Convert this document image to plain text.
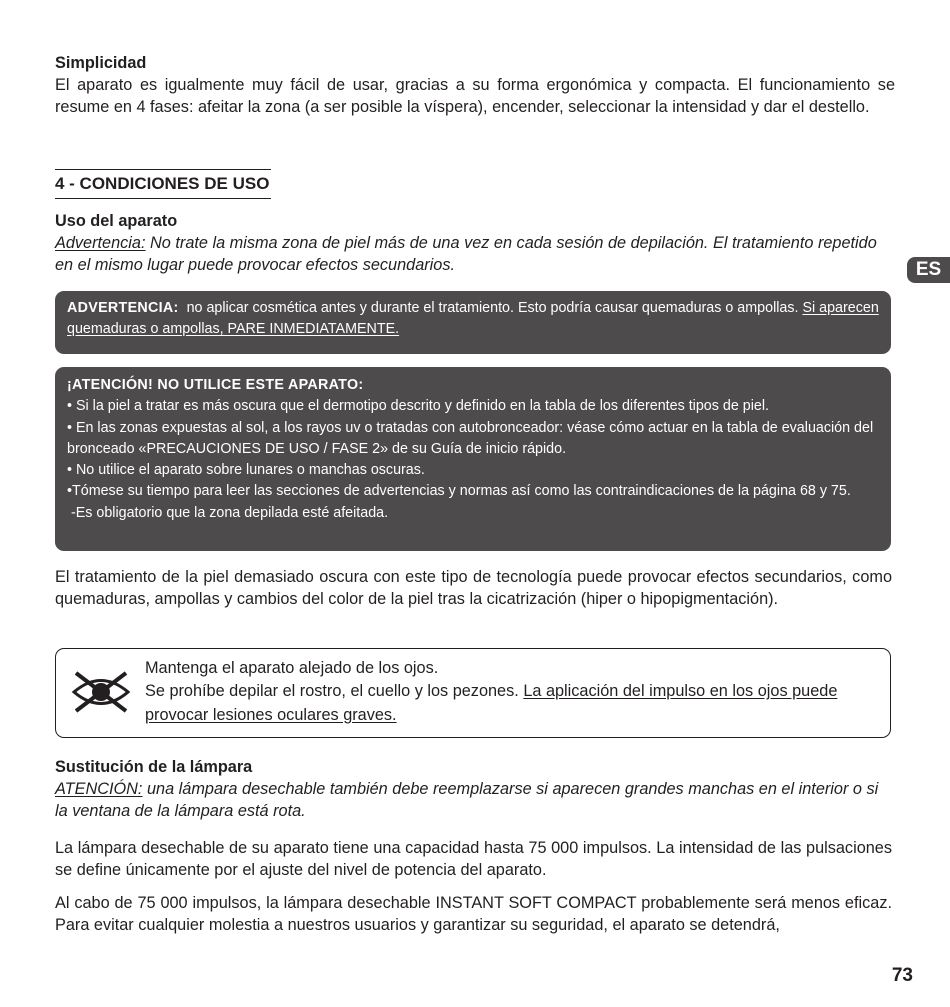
Simplicidad

El aparato es igualmente muy fácil de usar, gracias a su forma ergonómica y compacta. El funcionamiento se resume en 4 fases: afeitar la zona (a ser posible la víspera), encender, seleccionar la intensidad y dar el destello.

4 - CONDICIONES DE USO

Uso del aparato

Advertencia: No trate la misma zona de piel más de una vez en cada sesión de depilación. El tratamiento repetido en el mismo lugar puede provocar efectos secundarios.

ADVERTENCIA:  no aplicar cosmética antes y durante el tratamiento. Esto podría causar quemaduras o ampollas. Si aparecen quemaduras o ampollas, PARE INMEDIATAMENTE.

¡ATENCIÓN! NO UTILICE ESTE APARATO:

• Si la piel a tratar es más oscura que el dermotipo descrito y definido en la tabla de los diferentes tipos de piel.

• En las zonas expuestas al sol, a los rayos uv o tratadas con autobronceador: véase cómo actuar en la tabla de evaluación del bronceado «PRECAUCIONES DE USO / FASE 2» de su Guía de inicio rápido.

• No utilice el aparato sobre lunares o manchas oscuras.

•Tómese su tiempo para leer las secciones de advertencias y normas así como las contraindicaciones de la página 68 y 75.

-Es obligatorio que la zona depilada esté afeitada.

El tratamiento de la piel demasiado oscura con este tipo de tecnología puede provocar efectos secundarios, como quemaduras, ampollas y cambios del color de la piel tras la cicatrización (hiper o hipopigmentación).

Mantenga el aparato alejado de los ojos.
Se prohíbe depilar el rostro, el cuello y los pezones. La aplicación del impulso en los ojos puede provocar lesiones oculares graves.

Sustitución de la lámpara

ATENCIÓN: una lámpara desechable también debe reemplazarse si aparecen grandes manchas en el interior o si la ventana de la lámpara está rota.

La lámpara desechable de su aparato tiene una capacidad hasta 75 000 impulsos. La intensidad de las pulsaciones se define únicamente por el ajuste del nivel de potencia del aparato.

Al cabo de 75 000 impulsos, la lámpara desechable INSTANT SOFT COMPACT probablemente será menos eficaz. Para evitar cualquier molestia a nuestros usuarios y garantizar su seguridad, el aparato se detendrá,

ES
73
